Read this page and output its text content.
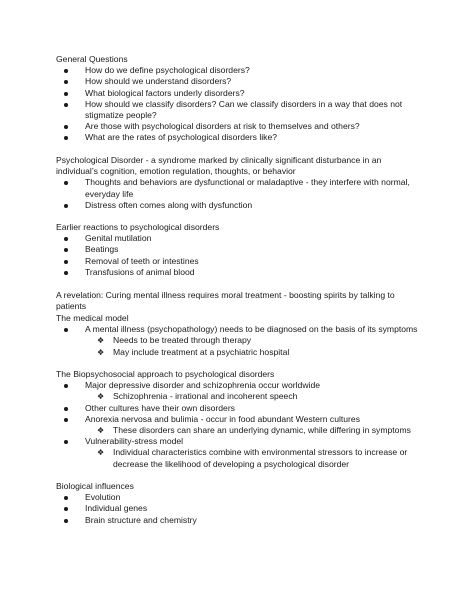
General Questions

How do we define psychological disorders?
How should we understand disorders?
What biological factors underly disorders?
How should we classify disorders? Can we classify disorders in a way that does not stigmatize people?
Are those with psychological disorders at risk to themselves and others?
What are the rates of psychological disorders like?

Psychological Disorder - a syndrome marked by clinically significant disturbance in an individual’s cognition, emotion regulation, thoughts, or behavior

Thoughts and behaviors are dysfunctional or maladaptive - they interfere with normal, everyday life
Distress often comes along with dysfunction

Earlier reactions to psychological disorders

Genital mutilation
Beatings
Removal of teeth or intestines
Transfusions of animal blood

A revelation: Curing mental illness requires moral treatment - boosting spirits by talking to patients

The medical model

A mental illness (psychopathology) needs to be diagnosed on the basis of its symptoms
❖ Needs to be treated through therapy
❖ May include treatment at a psychiatric hospital

The Biopsychosocial approach to psychological disorders

Major depressive disorder and schizophrenia occur worldwide
❖ Schizophrenia - irrational and incoherent speech
Other cultures have their own disorders
Anorexia nervosa and bulimia - occur in food abundant Western cultures
❖ These disorders can share an underlying dynamic, while differing in symptoms
Vulnerability-stress model
❖ Individual characteristics combine with environmental stressors to increase or decrease the likelihood of developing a psychological disorder

Biological influences

Evolution
Individual genes
Brain structure and chemistry
